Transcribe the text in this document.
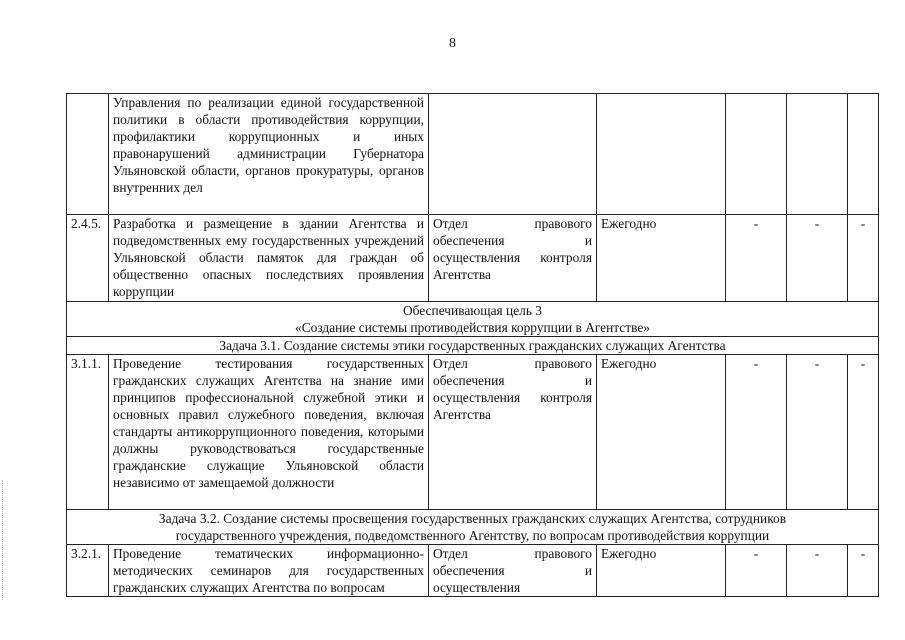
8
	Управления по реализации единой государственной политики в области противодействия коррупции, профилактики коррупционных и иных правонарушений администрации Губернатора Ульяновской области, органов прокуратуры, органов внутренних дел					
2.4.5.	Разработка и размещение в здании Агентства и подведомственных ему государственных учреждений Ульяновской области памяток для граждан об общественно опасных последствиях проявления коррупции	Отдел правового обеспечения и осуществления контроля Агентства	Ежегодно	-	-	-

Обеспечивающая цель 3
«Создание системы противодействия коррупции в Агентстве»						

Задача 3.1. Создание системы этики государственных гражданских служащих Агентства						
3.1.1.	Проведение тестирования государственных гражданских служащих Агентства на знание ими принципов профессиональной служебной этики и основных правил служебного поведения, включая стандарты антикоррупционного поведения, которыми должны руководствоваться государственные гражданские служащие Ульяновской области независимо от замещаемой должности	Отдел правового обеспечения и осуществления контроля Агентства	Ежегодно	-	-	-

Задача 3.2. Создание системы просвещения государственных гражданских служащих Агентства, сотрудников
государственного учреждения, подведомственного Агентству, по вопросам противодействия коррупции						

3.2.1.	Проведение тематических информационно-методических семинаров для государственных гражданских служащих Агентства по вопросам	Отдел правового обеспечения и осуществления	Ежегодно	-	-	-
